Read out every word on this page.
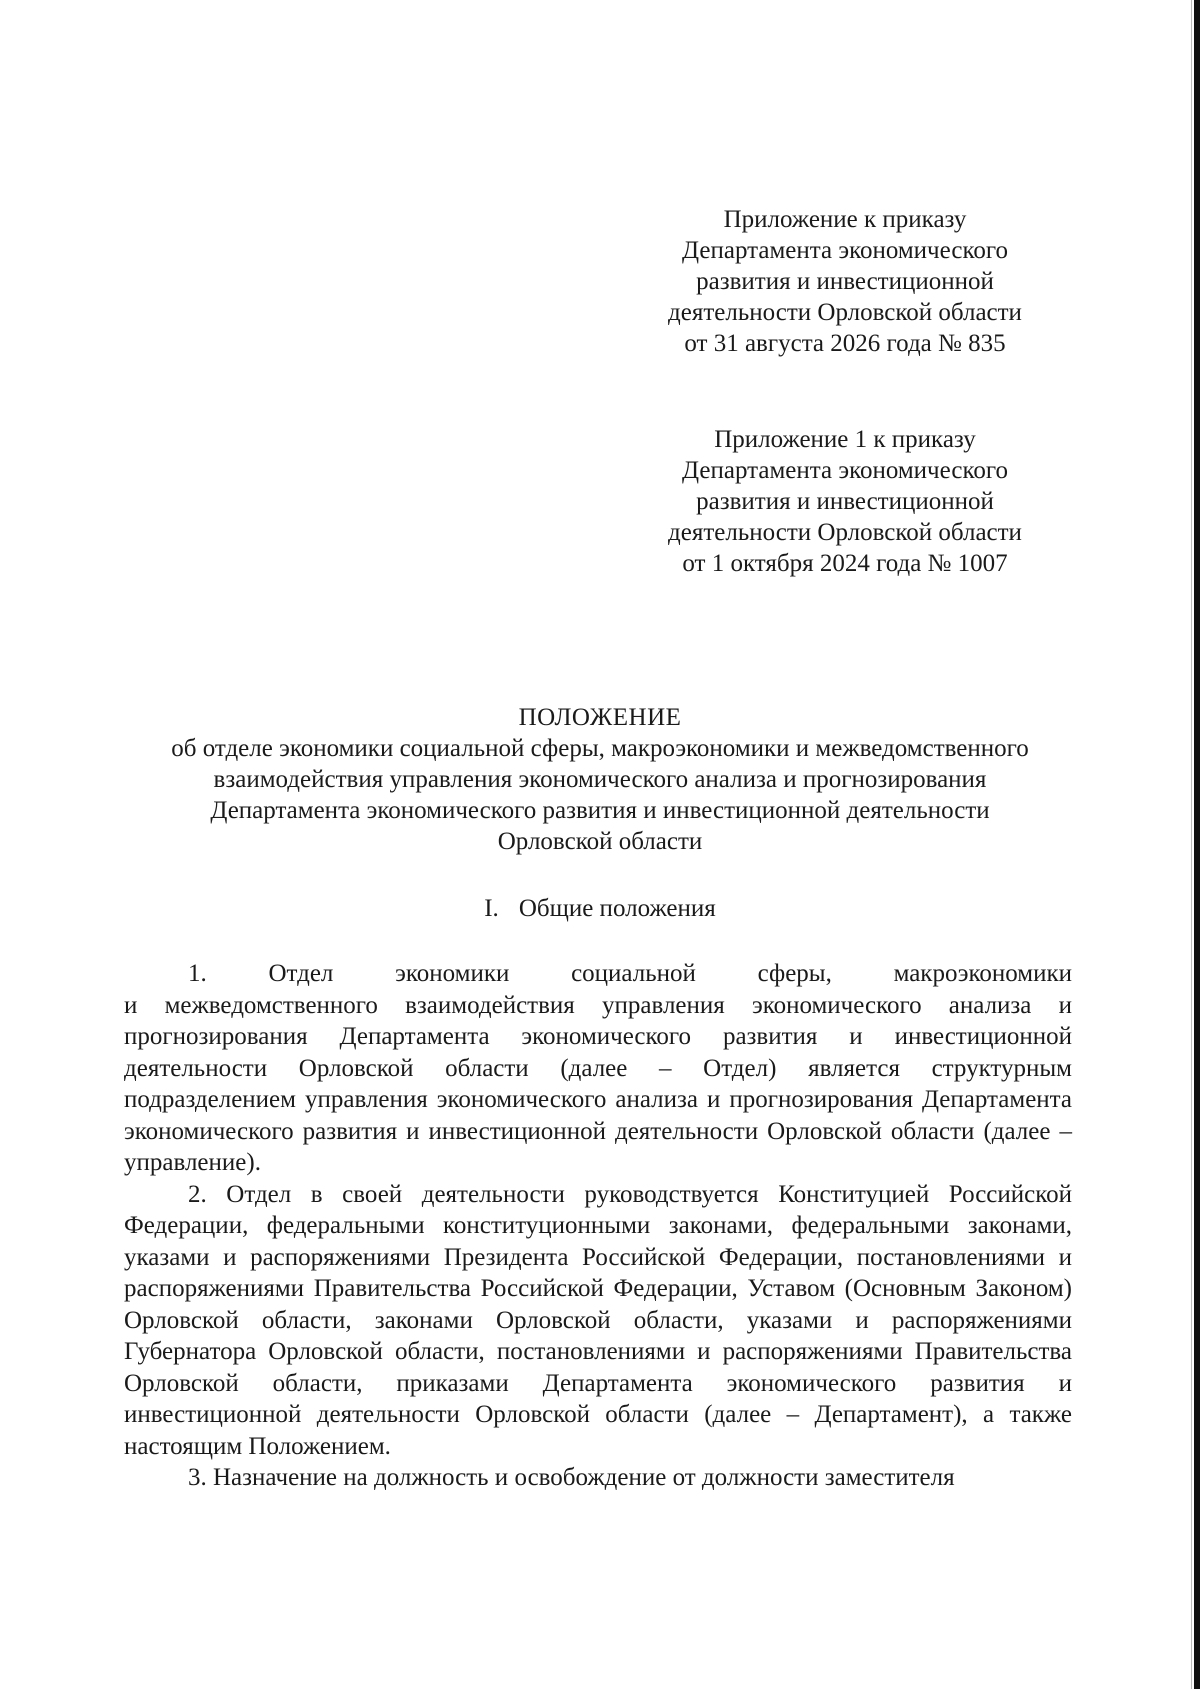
Приложение к приказу
Департамента экономического
развития и инвестиционной
деятельности Орловской области
от 31 августа 2026 года № 835
Приложение 1 к приказу
Департамента экономического
развития и инвестиционной
деятельности Орловской области
от 1 октября 2024 года № 1007
ПОЛОЖЕНИЕ
об отделе экономики социальной сферы, макроэкономики и межведомственного
взаимодействия управления экономического анализа и прогнозирования
Департамента экономического развития и инвестиционной деятельности
Орловской области
I. Общие положения

1. Отдел экономики социальной сферы, макроэкономики
и межведомственного взаимодействия управления экономического анализа и прогнозирования Департамента экономического развития и инвестиционной деятельности Орловской области (далее – Отдел) является структурным подразделением управления экономического анализа и прогнозирования Департамента экономического развития и инвестиционной деятельности Орловской области (далее – управление).

2. Отдел в своей деятельности руководствуется Конституцией Российской Федерации, федеральными конституционными законами, федеральными законами, указами и распоряжениями Президента Российской Федерации, постановлениями и распоряжениями Правительства Российской Федерации, Уставом (Основным Законом) Орловской области, законами Орловской области, указами и распоряжениями Губернатора Орловской области, постановлениями и распоряжениями Правительства Орловской области, приказами Департамента экономического развития и инвестиционной деятельности Орловской области (далее – Департамент), а также настоящим Положением.

3. Назначение на должность и освобождение от должности заместителя
